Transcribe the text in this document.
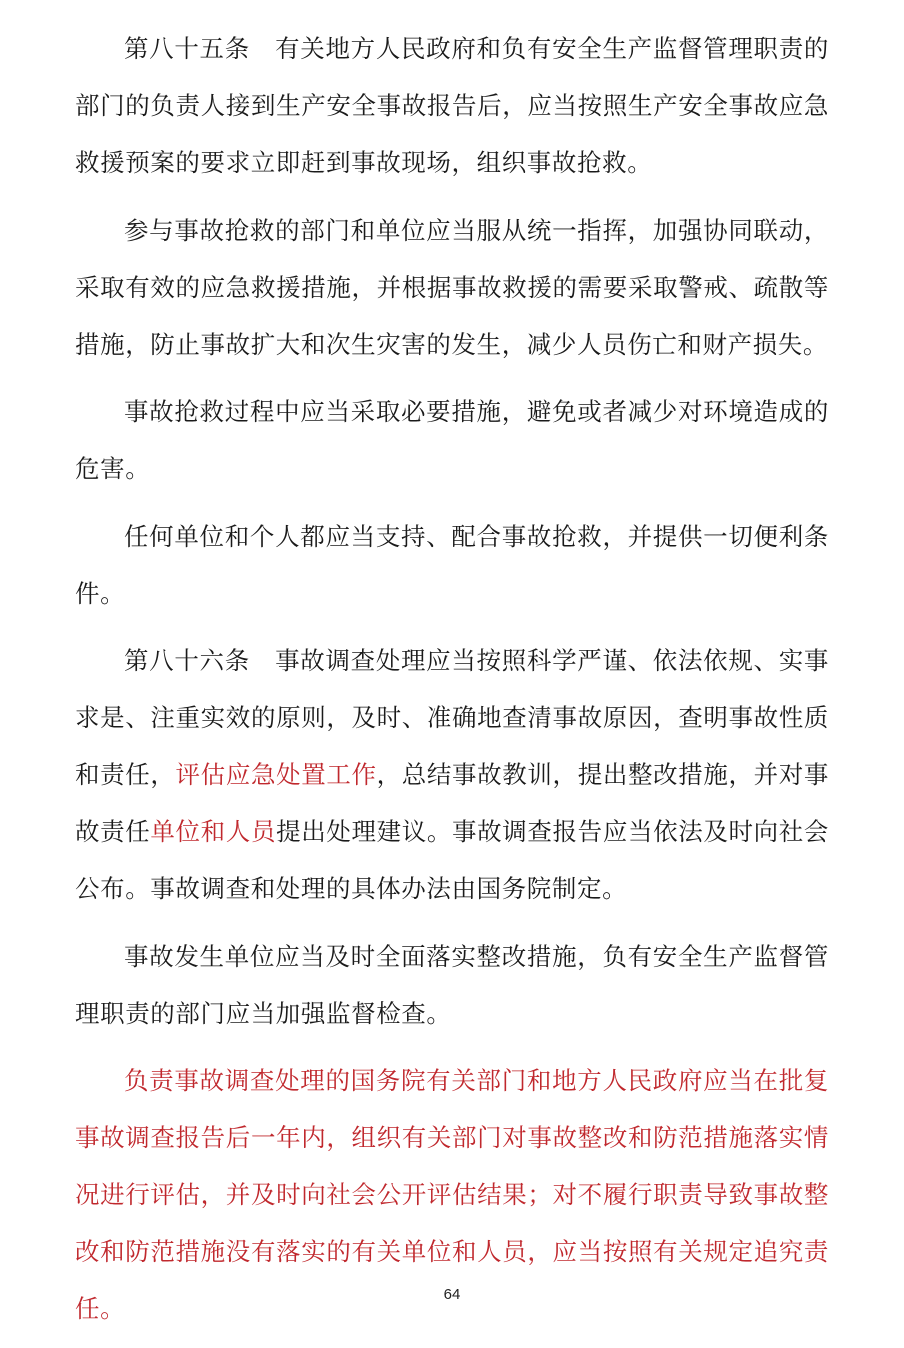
第八十五条　有关地方人民政府和负有安全生产监督管理职责的部门的负责人接到生产安全事故报告后，应当按照生产安全事故应急救援预案的要求立即赶到事故现场，组织事故抢救。

参与事故抢救的部门和单位应当服从统一指挥，加强协同联动，采取有效的应急救援措施，并根据事故救援的需要采取警戒、疏散等措施，防止事故扩大和次生灾害的发生，减少人员伤亡和财产损失。

事故抢救过程中应当采取必要措施，避免或者减少对环境造成的危害。

任何单位和个人都应当支持、配合事故抢救，并提供一切便利条件。

第八十六条　事故调查处理应当按照科学严谨、依法依规、实事求是、注重实效的原则，及时、准确地查清事故原因，查明事故性质和责任，评估应急处置工作，总结事故教训，提出整改措施，并对事故责任单位和人员提出处理建议。事故调查报告应当依法及时向社会公布。事故调查和处理的具体办法由国务院制定。

事故发生单位应当及时全面落实整改措施，负有安全生产监督管理职责的部门应当加强监督检查。

负责事故调查处理的国务院有关部门和地方人民政府应当在批复事故调查报告后一年内，组织有关部门对事故整改和防范措施落实情况进行评估，并及时向社会公开评估结果；对不履行职责导致事故整改和防范措施没有落实的有关单位和人员，应当按照有关规定追究责任。	64
